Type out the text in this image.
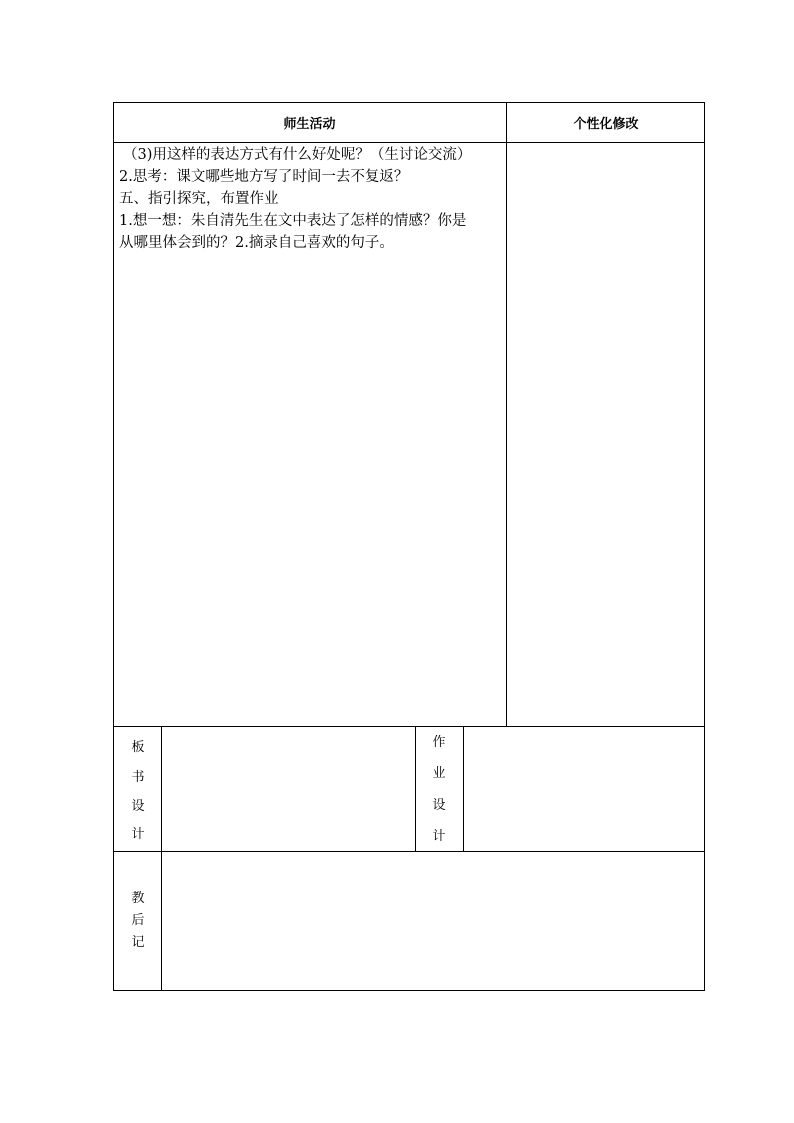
师生活动	个性化修改
（3)用这样的表达方式有什么好处呢？（生讨论交流）
2.思考：课文哪些地方写了时间一去不复返？
五、指引探究，布置作业
1.想一想：朱自清先生在文中表达了怎样的情感？你是
从哪里体会到的？2.摘录自己喜欢的句子。
板
书
设
计
作
业
设
计
教
后
记
